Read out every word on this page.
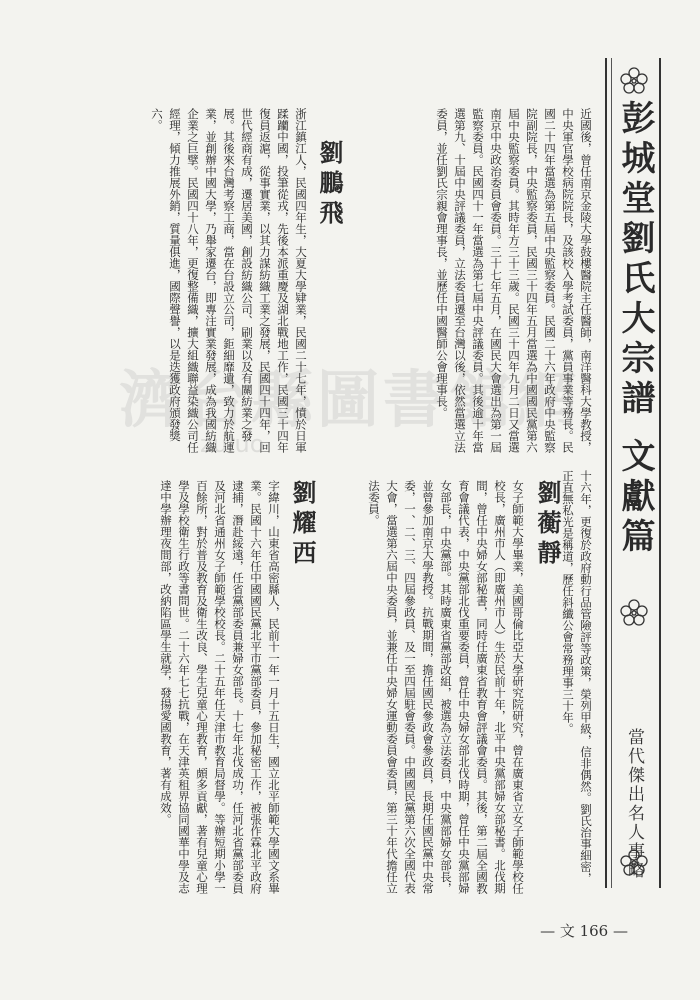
彭城堂劉氏大宗譜 文獻篇
當代傑出名人事略
十六年，更復於政府動行品管險評等政策，榮列甲級，信非偶然。劉氏治事細密，正直無私光是稱道，歷任斜纖公會常務理事三十年。
劉蘅靜
女子師範大學畢業，美國哥倫比亞大學研究院研究，曾在廣東省立女子師範學校任校長，廣州市人（即廣州市人）生於民前十年，北平中央黨部婦女部秘書。北伐期間，曾任中央婦女部秘書，同時任廣東省教育會評議會委員。其後，第二屆全國教育會議代表，中央黨部北伐重要委員，曾任中央婦女部北伐時期，曾任中央黨部婦女部長，中央黨部。其時廣東省黨部改組，被選為立法委員，中央黨部婦女部長，並曾參加南京大學教授。抗戰期間，擔任國民參政會參政員，長期任國民黨中央常委，一、二、三、四屆參政員、及一至四屆駐會委員。中國國民黨第六次全國代表大會，當選第六屆中央委員，並兼任中央婦女運動委員會委員，第三十年代擔任立法委員。
劉耀西
字緯川，山東省高密縣人，民前十一年一月十五日生，國立北平師範大學國文系畢業。民國十六年任中國國民黨北平市黨部委員，參加秘密工作，被張作霖北平政府逮捕，潛赴綏遠，任省黨部委員兼婦女部長。十七年北伐成功，任河北省黨部委員及河北省通州女子師範學校校長。二十五年任天津市教育局督學。等辦短期小學一百餘所，對於普及教育及衛生改良、學生兒童心理教育，頗多貢獻，著有兒童心理學及學校衛生行政等書問世。二十六年七七抗戰，在天津英租界協同國華中學及志達中學辦理夜間部，改納陷區學生就學，發揚愛國教育，著有成效。
近國後，曾任南京金陵大學鼓樓醫院主任醫師，南洋醫科大學教授，中央軍官學校病院院長，及該校入學考試委員，黨員事業等務長。民國二十四年當選為第五屆中央監察委員。民國二十六年政府中央監察院副院長，中央監察委員，民國三十四年五月當選為中國國民黨第六屆中央監察委員。其時年方三十三歲。民國三十四年九月二日又當選南京中央政治委員會委員。三十七年五月，在國民大會選出為第一屆監察委員。民國四十一年當選為第七屆中央評議委員。其後逾十年當選第九、十屆中央評議委員，立法委員遷至台灣以後，依然當選立法委員，並任劉氏宗親會理事長，並歷任中國醫師公會理事長。
劉鵬飛
浙江鎮江人，民國四年生，大夏大學肄業，民國二十七年，憤於日軍蹂躪中國，投筆從戎，先後本派重慶及湖北戰地工作，民國三十四年復員返滬，從事實業，以其力謀紡織工業之發展，民國四十四年，回世代經商有成，遷居美國，創設紡織公司、刷業以及有關紡業之發展。其後來台灣考察工商，當在台設立公司，鉅細靡遺，致力於航運業，並創辦中國大學，乃舉家遷台，即專注實業發展，成為我國紡織企業之巨擘。民國四十八年，更復整備織，擴大組織聯益染織公司任經理，傾力推展外銷，質量俱進，國際聲譽，以是迭獲政府頒發獎六。
濟台縣圖書館網
zuluo
— 文 166 —
